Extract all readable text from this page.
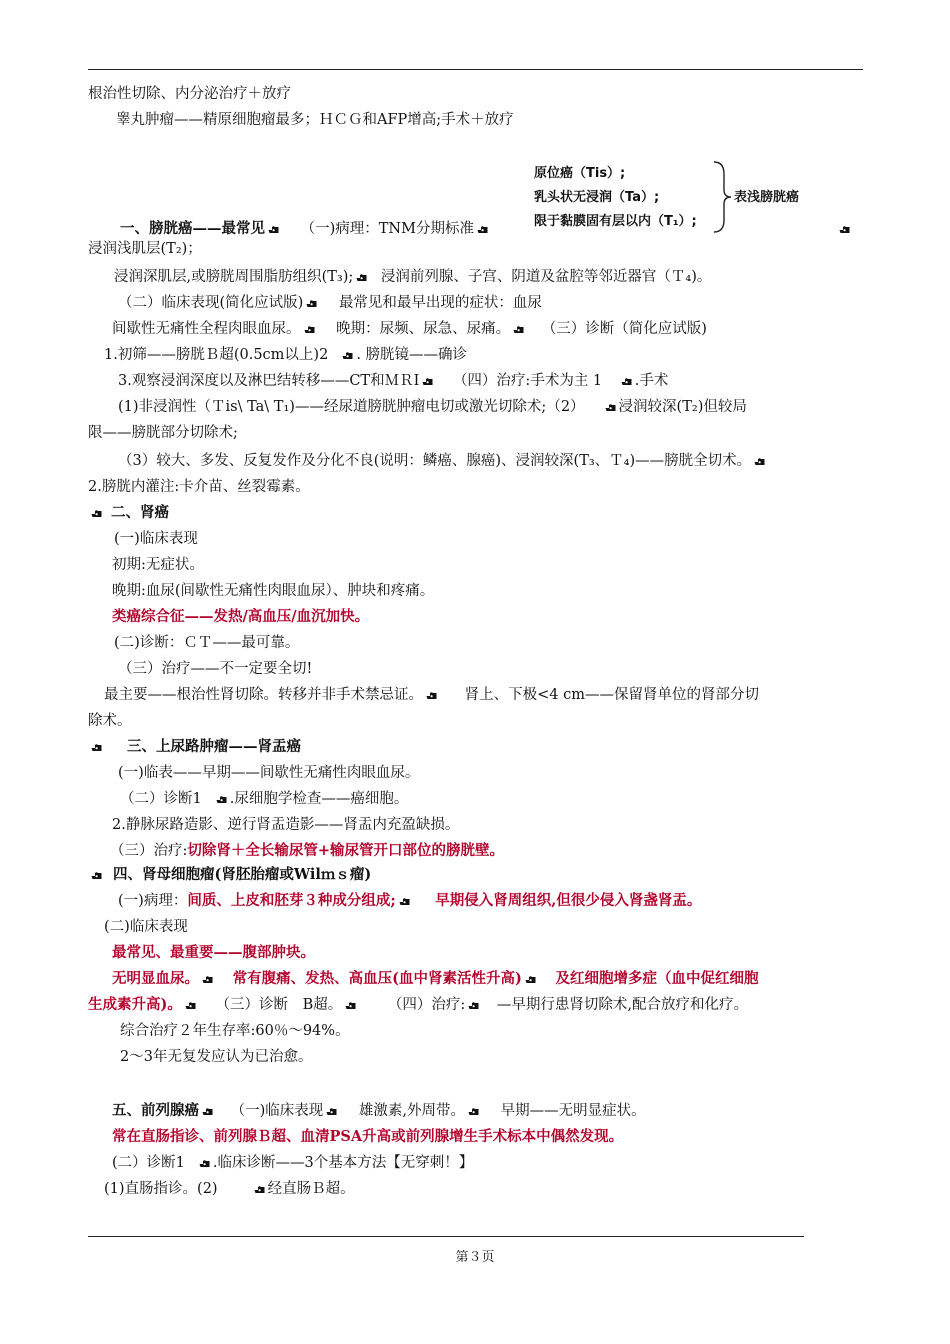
原位癌（Tis）;
乳头状无浸润（Ta）;
限于黏膜固有层以内（T₁）;
表浅膀胱癌
根治性切除、内分泌治疗＋放疗
睾丸肿瘤——精原细胞瘤最多；ＨＣＧ和AFP增高;手术＋放疗
一、膀胱癌——最常见 （一)病理：TNM分期标准
浸润浅肌层(T₂)；
浸润深肌层,或膀胱周围脂肪组织(T₃); 浸润前列腺、子宫、阴道及盆腔等邻近器官（Ｔ₄)。
（二）临床表现(简化应试版) 最常见和最早出现的症状：血尿
间歇性无痛性全程肉眼血尿。 晚期：尿频、尿急、尿痛。 （三）诊断（简化应试版)
1.初筛——膀胱Ｂ超(0.5cm以上)2 . 膀胱镜——确诊
3.观察浸润深度以及淋巴结转移——CT和ＭＲI （四）治疗:手术为主 1 .手术
(1)非浸润性（Ｔis\ Ta\ T₁)——经尿道膀胱肿瘤电切或激光切除术;（2） 浸润较深(T₂)但较局
限——膀胱部分切除术;
（3）较大、多发、反复发作及分化不良(说明：鳞癌、腺癌)、浸润较深(T₃、Ｔ₄)——膀胱全切术。
2.膀胱内灌注:卡介苗、丝裂霉素。
二、肾癌
(一)临床表现
初期:无症状。
晚期:血尿(间歇性无痛性肉眼血尿）、肿块和疼痛。
类癌综合征——发热/高血压/血沉加快。
(二)诊断：ＣＴ——最可靠。
（三）治疗——不一定要全切!
最主要——根治性肾切除。转移并非手术禁忌证。	肾上、下极<4 cm——保留肾单位的肾部分切
除术。
三、上尿路肿瘤——肾盂癌
(一)临表——早期——间歇性无痛性肉眼血尿。
（二）诊断1 .尿细胞学检查——癌细胞。
2.静脉尿路造影、逆行肾盂造影——肾盂内充盈缺损。
（三）治疗:切除肾＋全长输尿管+输尿管开口部位的膀胱壁。
四、肾母细胞瘤(肾胚胎瘤或Wilｍｓ瘤)
(一)病理：间质、上皮和胚芽３种成分组成;	早期侵入肾周组织,但很少侵入肾盏肾盂。
(二)临床表现
最常见、最重要——腹部肿块。
无明显血尿。 常有腹痛、发热、高血压(血中肾素活性升高) 及红细胞增多症（血中促红细胞
生成素升高)。 （三）诊断 B超。	（四）治疗: —早期行患肾切除术,配合放疗和化疗。
综合治疗２年生存率:60％～94%。
2～3年无复发应认为已治愈。
五、前列腺癌 （一)临床表现 雄激素,外周带。 早期——无明显症状。
常在直肠指诊、前列腺Ｂ超、血清PSA升高或前列腺增生手术标本中偶然发现。
(二）诊断1 .临床诊断——3个基本方法【无穿刺！】
(1)直肠指诊。(2)	经直肠Ｂ超。
第３页
